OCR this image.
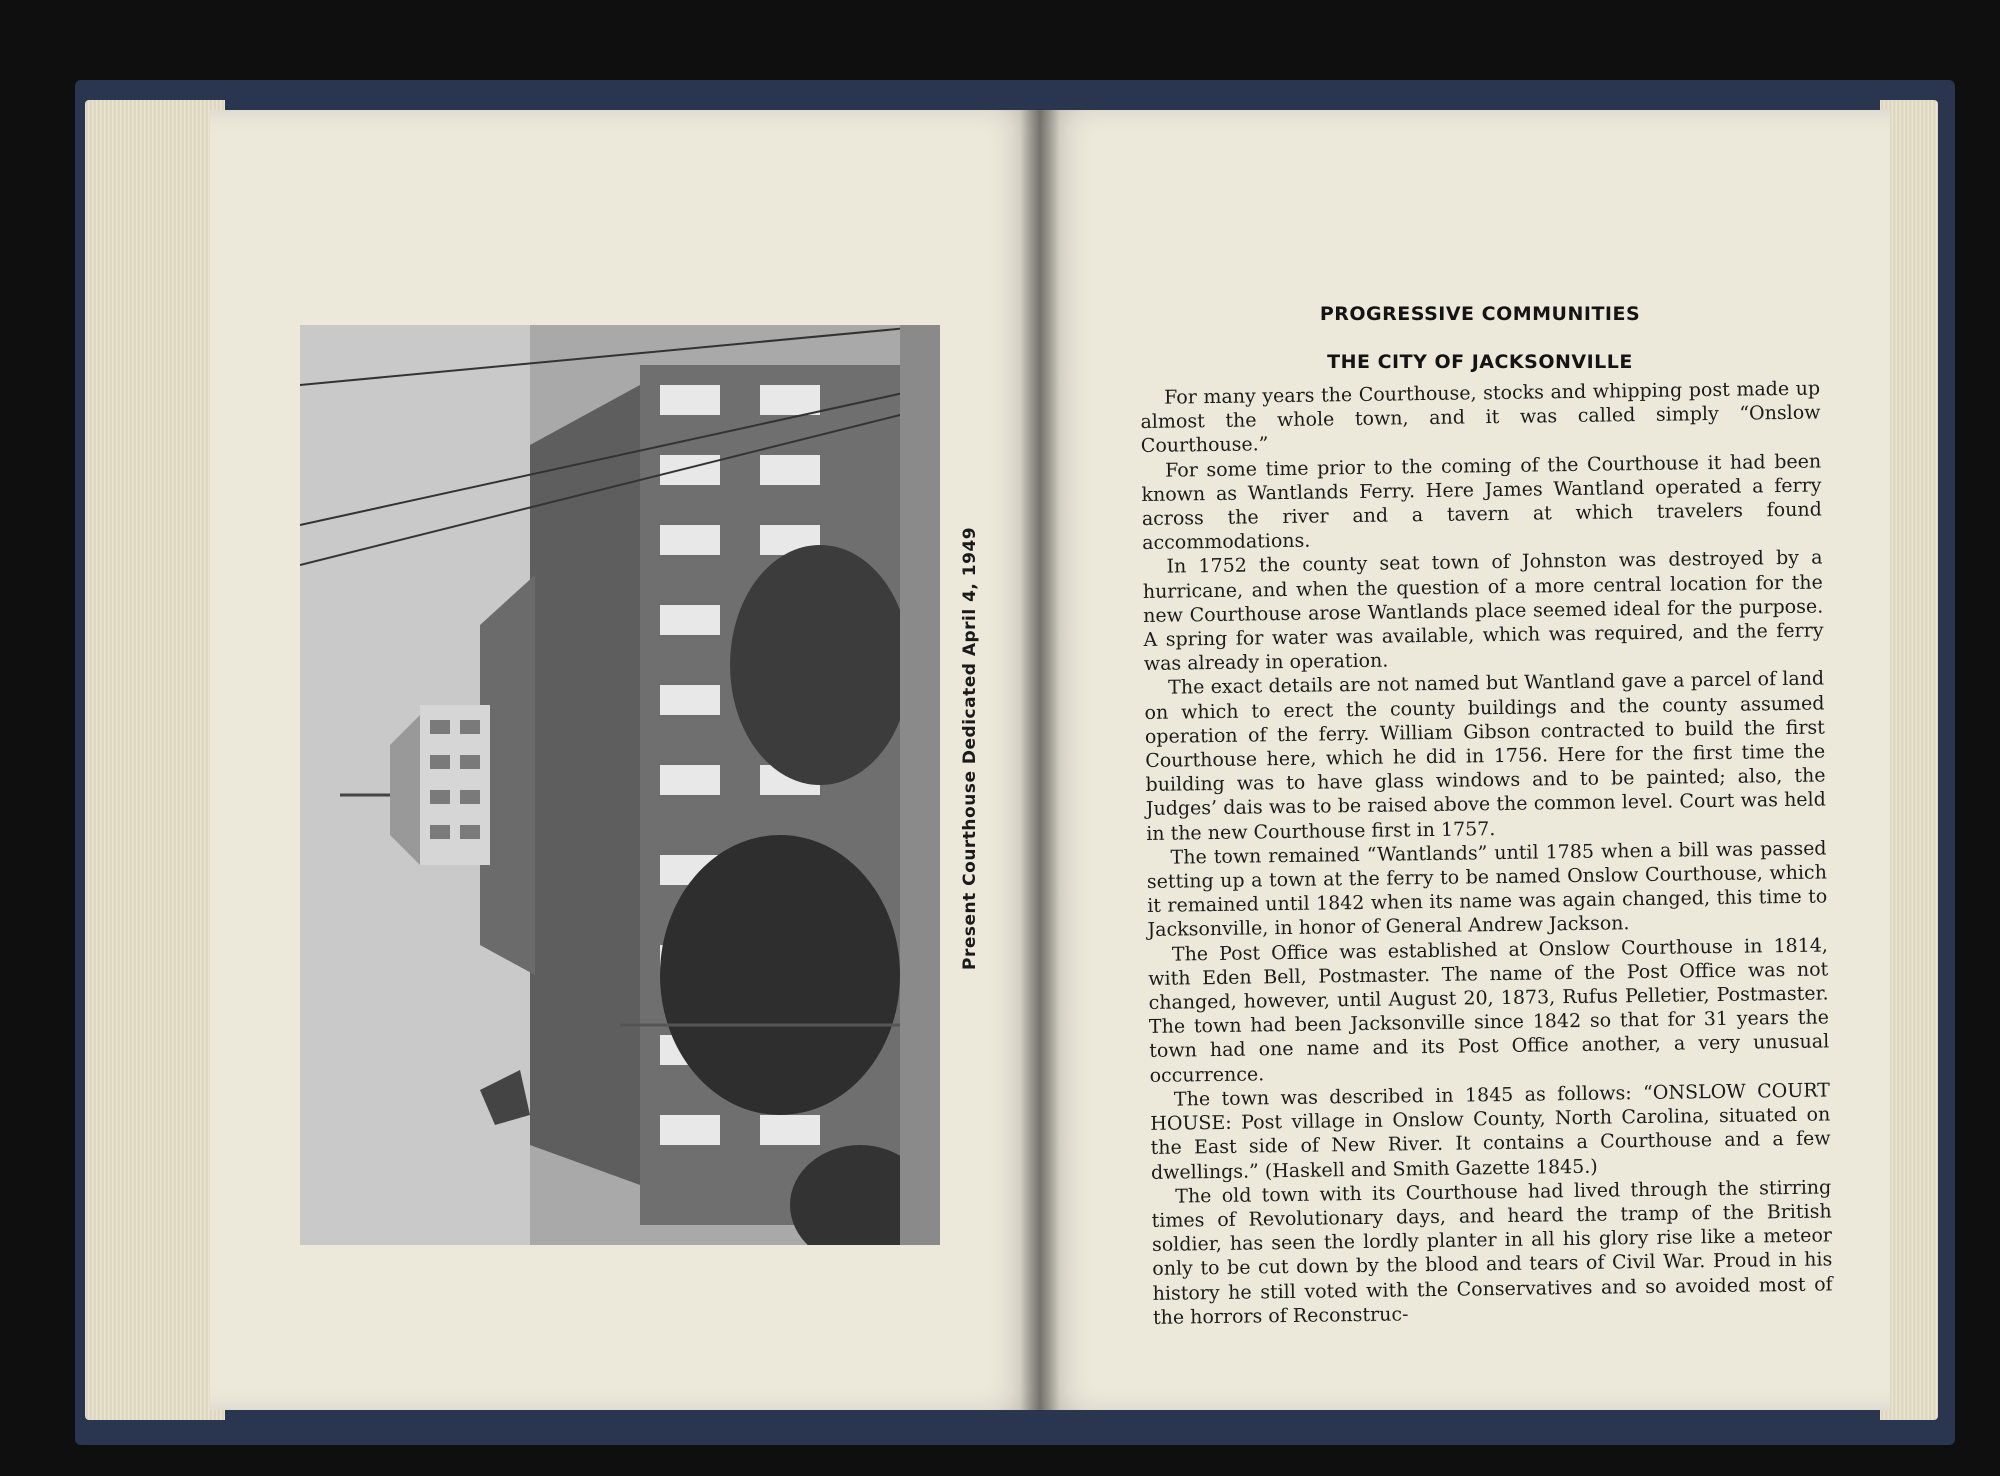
Present Courthouse Dedicated April 4, 1949
PROGRESSIVE COMMUNITIES
THE CITY OF JACKSONVILLE

For many years the Courthouse, stocks and whipping post made up almost the whole town, and it was called simply “Onslow Courthouse.”

For some time prior to the coming of the Courthouse it had been known as Wantlands Ferry. Here James Wantland operated a ferry across the river and a tavern at which travelers found accommodations.

In 1752 the county seat town of Johnston was destroyed by a hurricane, and when the question of a more central location for the new Courthouse arose Wantlands place seemed ideal for the purpose. A spring for water was available, which was required, and the ferry was already in operation.

The exact details are not named but Wantland gave a parcel of land on which to erect the county buildings and the county assumed operation of the ferry. William Gibson contracted to build the first Courthouse here, which he did in 1756. Here for the first time the building was to have glass windows and to be painted; also, the Judges’ dais was to be raised above the common level. Court was held in the new Courthouse first in 1757.

The town remained “Wantlands” until 1785 when a bill was passed setting up a town at the ferry to be named Onslow Courthouse, which it remained until 1842 when its name was again changed, this time to Jacksonville, in honor of General Andrew Jackson.

The Post Office was established at Onslow Courthouse in 1814, with Eden Bell, Postmaster. The name of the Post Office was not changed, however, until August 20, 1873, Rufus Pelletier, Postmaster. The town had been Jacksonville since 1842 so that for 31 years the town had one name and its Post Office another, a very unusual occurrence.

The town was described in 1845 as follows: “ONSLOW COURT HOUSE: Post village in Onslow County, North Carolina, situated on the East side of New River. It contains a Courthouse and a few dwellings.” (Haskell and Smith Gazette 1845.)

The old town with its Courthouse had lived through the stirring times of Revolutionary days, and heard the tramp of the British soldier, has seen the lordly planter in all his glory rise like a meteor only to be cut down by the blood and tears of Civil War. Proud in his history he still voted with the Conservatives and so avoided most of the horrors of Reconstruc-
